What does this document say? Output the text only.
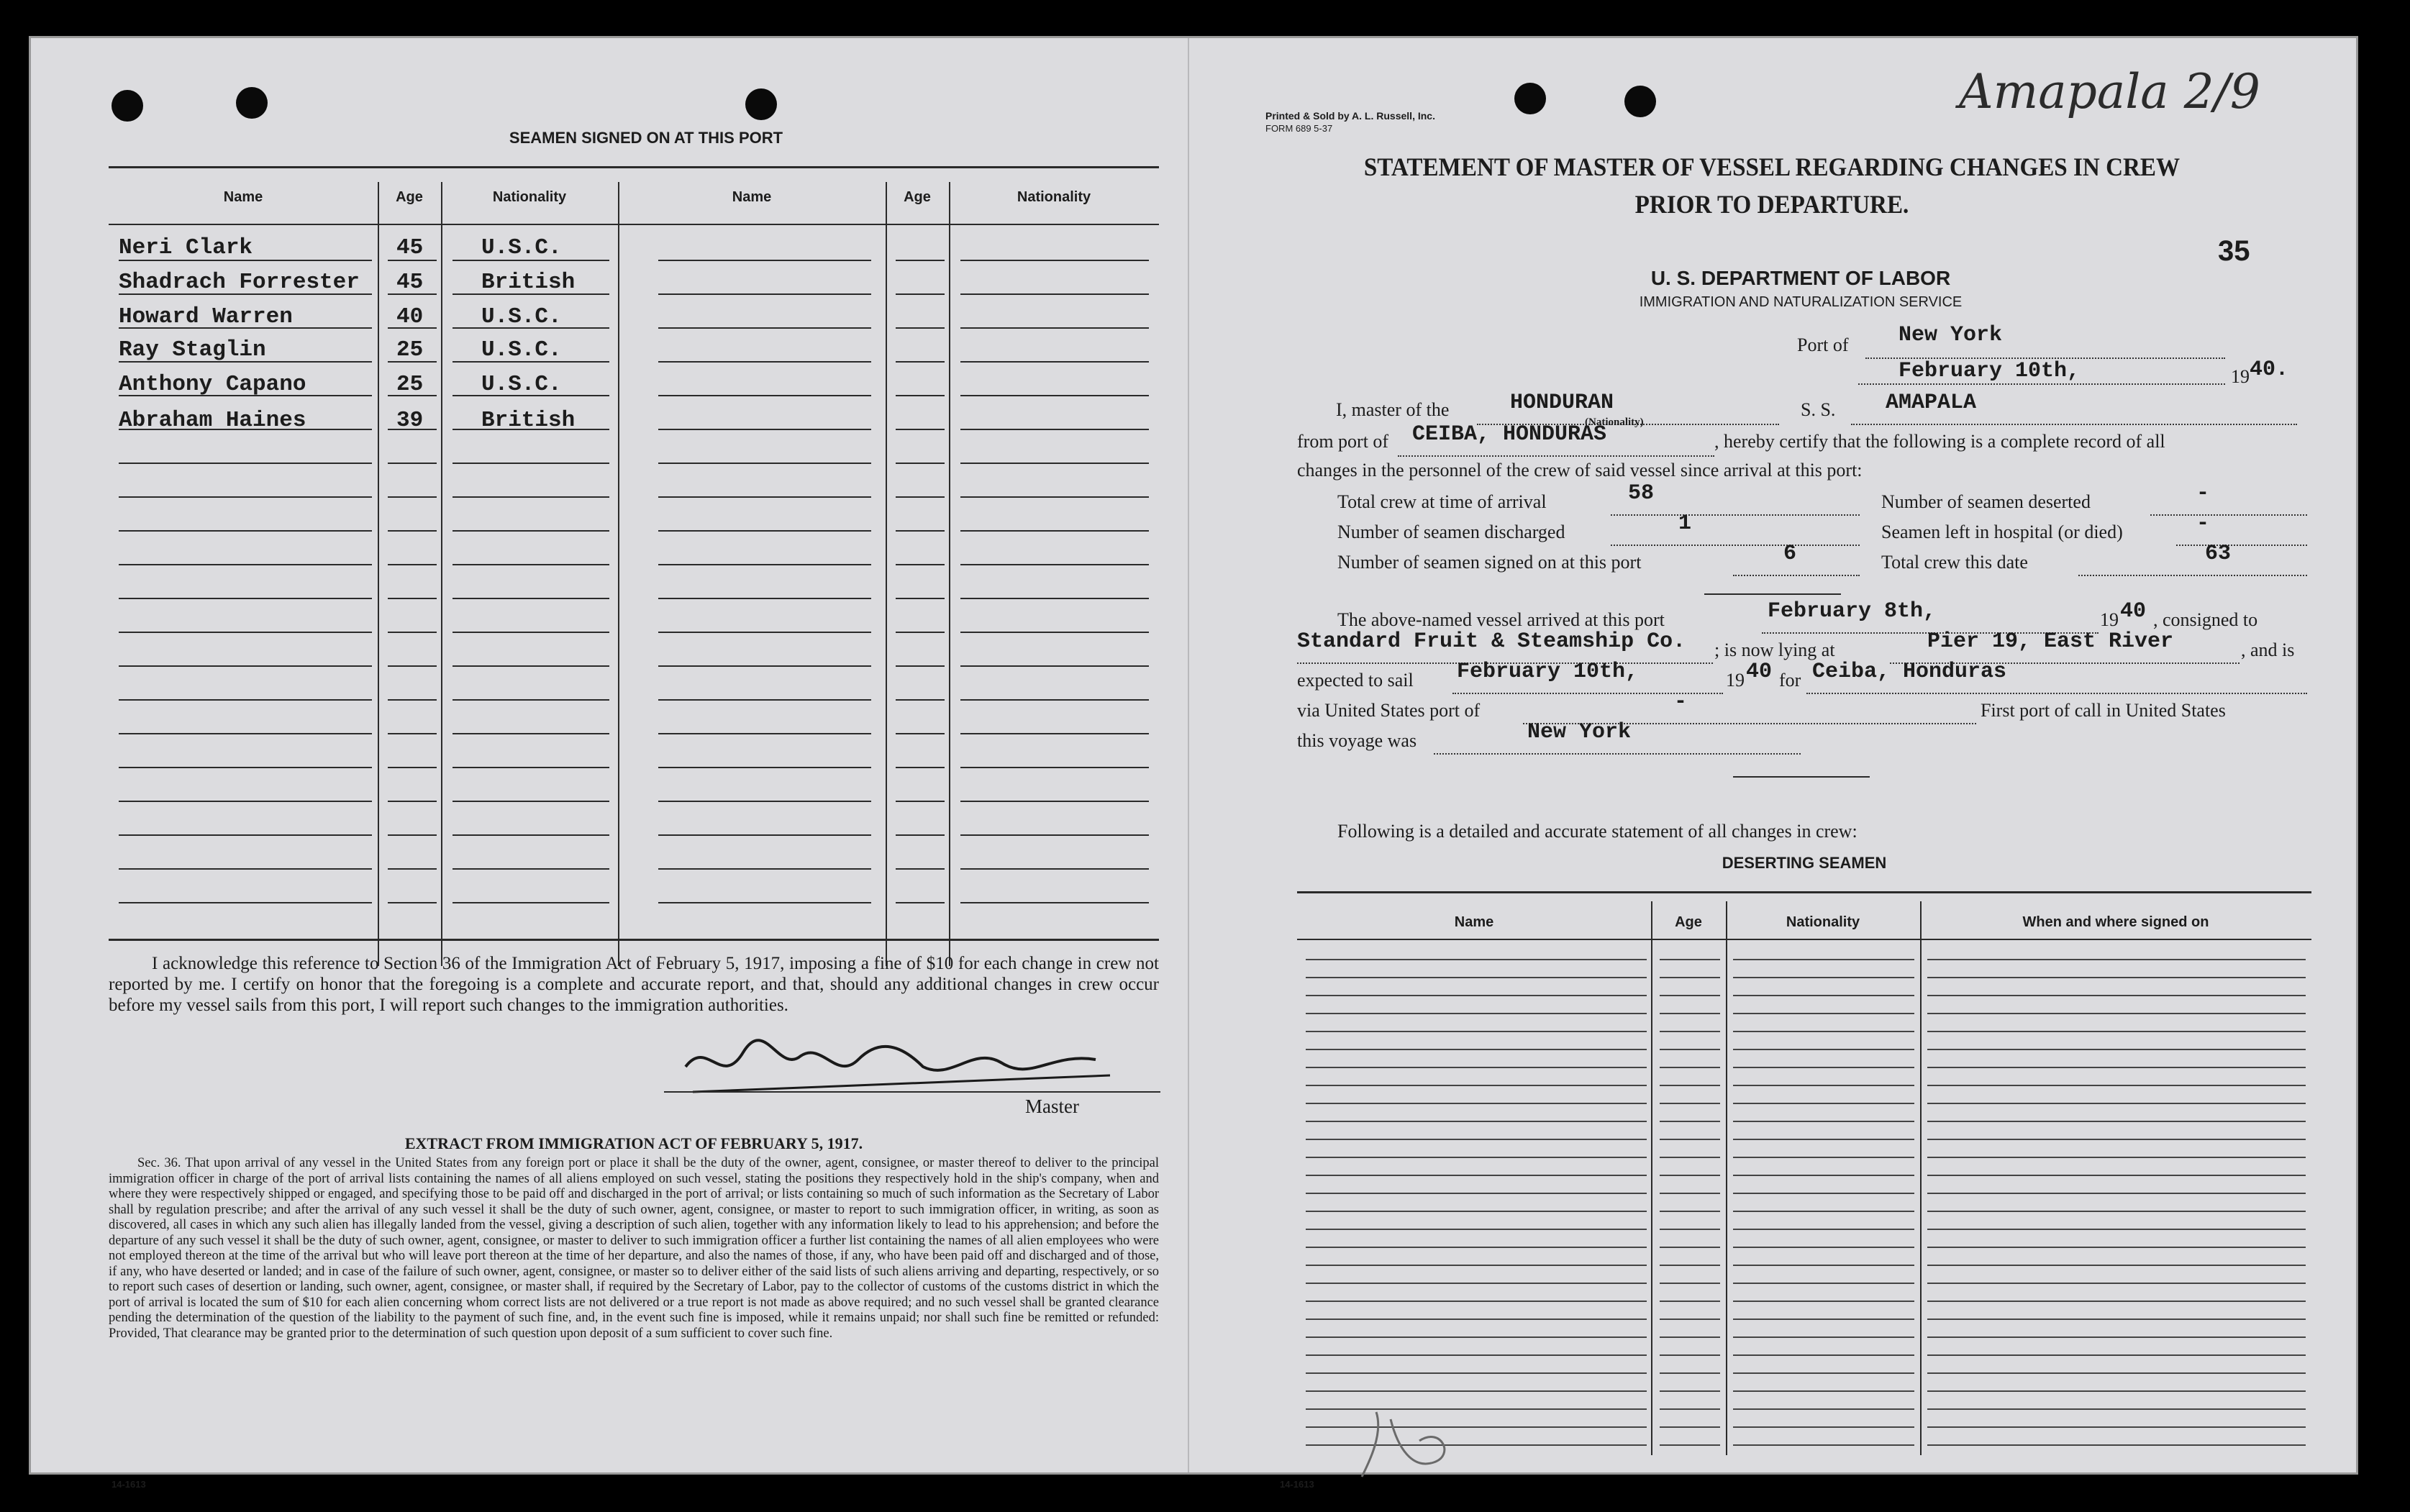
SEAMEN SIGNED ON AT THIS PORT
Name	Age	Nationality	Name	Age	Nationality
Neri Clark	45	U.S.C.
Shadrach Forrester 45	British
Howard Warren	40	U.S.C.
Ray Staglin	25	U.S.C.
Anthony Capano	25	U.S.C.
Abraham Haines	39	British
I acknowledge this reference to Section 36 of the Immigration Act of February 5, 1917, imposing a fine of $10 for each change in crew not reported by me. I certify on honor that the foregoing is a complete and accurate report, and that, should any additional changes in crew occur before my vessel sails from this port, I will report such changes to the immigration authorities.
Master
EXTRACT FROM IMMIGRATION ACT OF FEBRUARY 5, 1917.
Sec. 36. That upon arrival of any vessel in the United States from any foreign port or place it shall be the duty of the owner, agent, consignee, or master thereof to deliver to the principal immigration officer in charge of the port of arrival lists containing the names of all aliens employed on such vessel, stating the positions they respectively hold in the ship's company, when and where they were respectively shipped or engaged, and specifying those to be paid off and discharged in the port of arrival; or lists containing so much of such information as the Secretary of Labor shall by regulation prescribe; and after the arrival of any such vessel it shall be the duty of such owner, agent, consignee, or master to report to such immigration officer, in writing, as soon as discovered, all cases in which any such alien has illegally landed from the vessel, giving a description of such alien, together with any information likely to lead to his apprehension; and before the departure of any such vessel it shall be the duty of such owner, agent, consignee, or master to deliver to such immigration officer a further list containing the names of all alien employees who were not employed thereon at the time of the arrival but who will leave port thereon at the time of her departure, and also the names of those, if any, who have been paid off and discharged and of those, if any, who have deserted or landed; and in case of the failure of such owner, agent, consignee, or master so to deliver either of the said lists of such aliens arriving and departing, respectively, or so to report such cases of desertion or landing, such owner, agent, consignee, or master shall, if required by the Secretary of Labor, pay to the collector of customs of the customs district in which the port of arrival is located the sum of $10 for each alien concerning whom correct lists are not delivered or a true report is not made as above required; and no such vessel shall be granted clearance pending the determination of the question of the liability to the payment of such fine, and, in the event such fine is imposed, while it remains unpaid; nor shall such fine be remitted or refunded: Provided, That clearance may be granted prior to the determination of such question upon deposit of a sum sufficient to cover such fine.
14-1613
Printed & Sold by A. L. Russell, Inc.
FORM 689 5-37
Amapala 2/9
STATEMENT OF MASTER OF VESSEL REGARDING CHANGES IN CREW
PRIOR TO DEPARTURE.
35
U. S. DEPARTMENT OF LABOR
IMMIGRATION AND NATURALIZATION SERVICE
Port of New York
February 10th,	19 40.
I, master of the	HONDURAN
(Nationality)
S. S. AMAPALA
from port of CEIBA, HONDURAS	, hereby certify that the following is a complete record of all
changes in the personnel of the crew of said vessel since arrival at this port:
Total crew at time of arrival	58
Number of seamen discharged	1
Number of seamen signed on at this port	6
Number of seamen deserted	-
Seamen left in hospital (or died)	-
Total crew this date	63
The above-named vessel arrived at this port	February 8th,	19 40 , consigned to
Standard Fruit & Steamship Co. ; is now lying at	Pier 19, East River	, and is
expected to sail February 10th,	19 40 for Ceiba, Honduras
via United States port of	-	First port of call in United States
this voyage was	New York
Following is a detailed and accurate statement of all changes in crew:
DESERTING SEAMEN
Name	Age	Nationality	When and where signed on
14-1613
